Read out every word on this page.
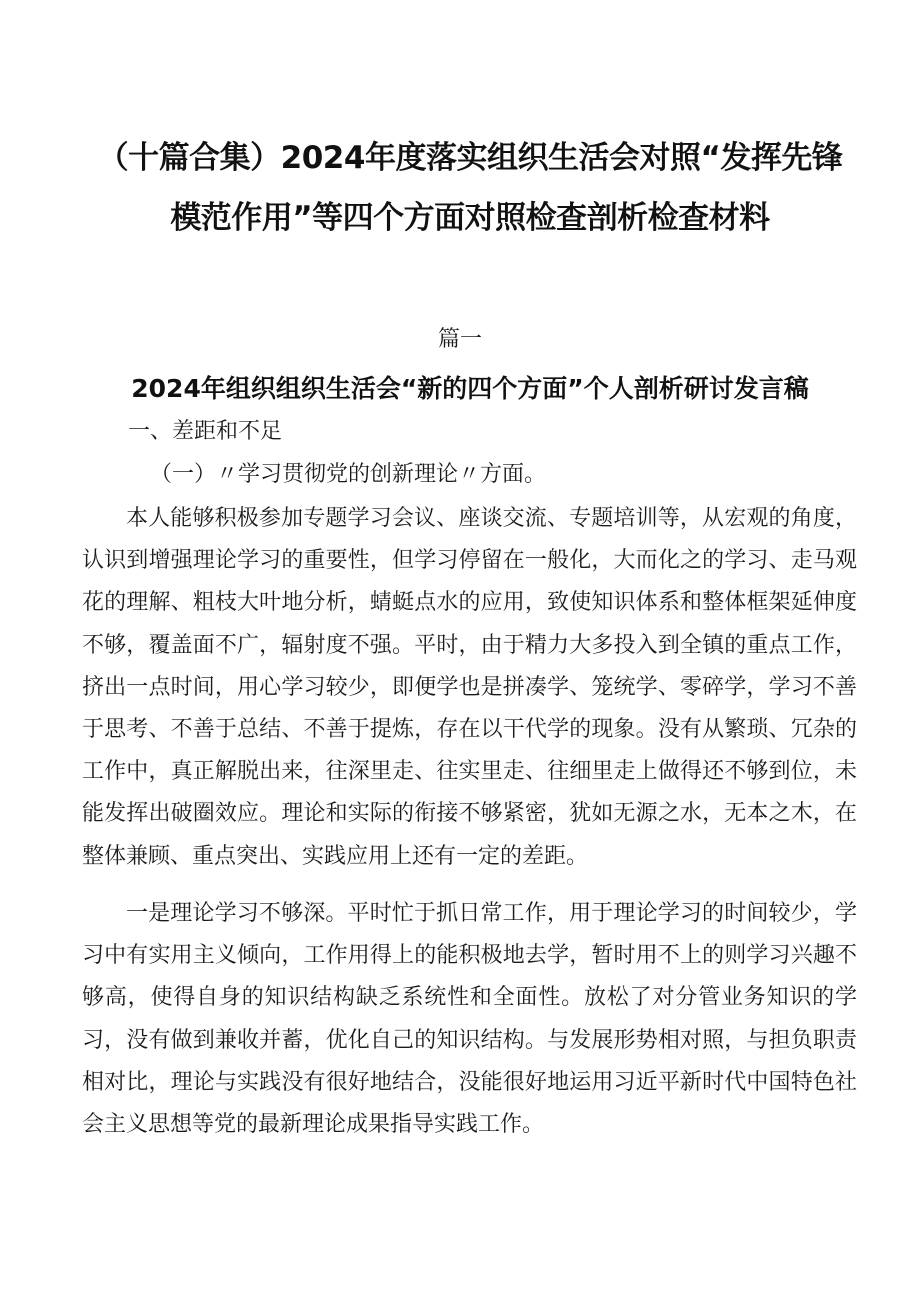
（十篇合集）2024年度落实组织生活会对照“发挥先锋
模范作用”等四个方面对照检查剖析检查材料
篇一
2024年组织组织生活会“新的四个方面”个人剖析研讨发言稿
一、差距和不足
（一）〃学习贯彻党的创新理论〃方面。

本人能够积极参加专题学习会议、座谈交流、专题培训等，从宏观的角度，认识到增强理论学习的重要性，但学习停留在一般化，大而化之的学习、走马观花的理解、粗枝大叶地分析，蜻蜓点水的应用，致使知识体系和整体框架延伸度不够，覆盖面不广，辐射度不强。平时，由于精力大多投入到全镇的重点工作，挤出一点时间，用心学习较少，即便学也是拼凑学、笼统学、零碎学，学习不善于思考、不善于总结、不善于提炼，存在以干代学的现象。没有从繁琐、冗杂的工作中，真正解脱出来，往深里走、往实里走、往细里走上做得还不够到位，未能发挥出破圈效应。理论和实际的衔接不够紧密，犹如无源之水，无本之木，在整体兼顾、重点突出、实践应用上还有一定的差距。

一是理论学习不够深。平时忙于抓日常工作，用于理论学习的时间较少，学习中有实用主义倾向，工作用得上的能积极地去学，暂时用不上的则学习兴趣不够高，使得自身的知识结构缺乏系统性和全面性。放松了对分管业务知识的学习，没有做到兼收并蓄，优化自己的知识结构。与发展形势相对照，与担负职责相对比，理论与实践没有很好地结合，没能很好地运用习近平新时代中国特色社会主义思想等党的最新理论成果指导实践工作。
